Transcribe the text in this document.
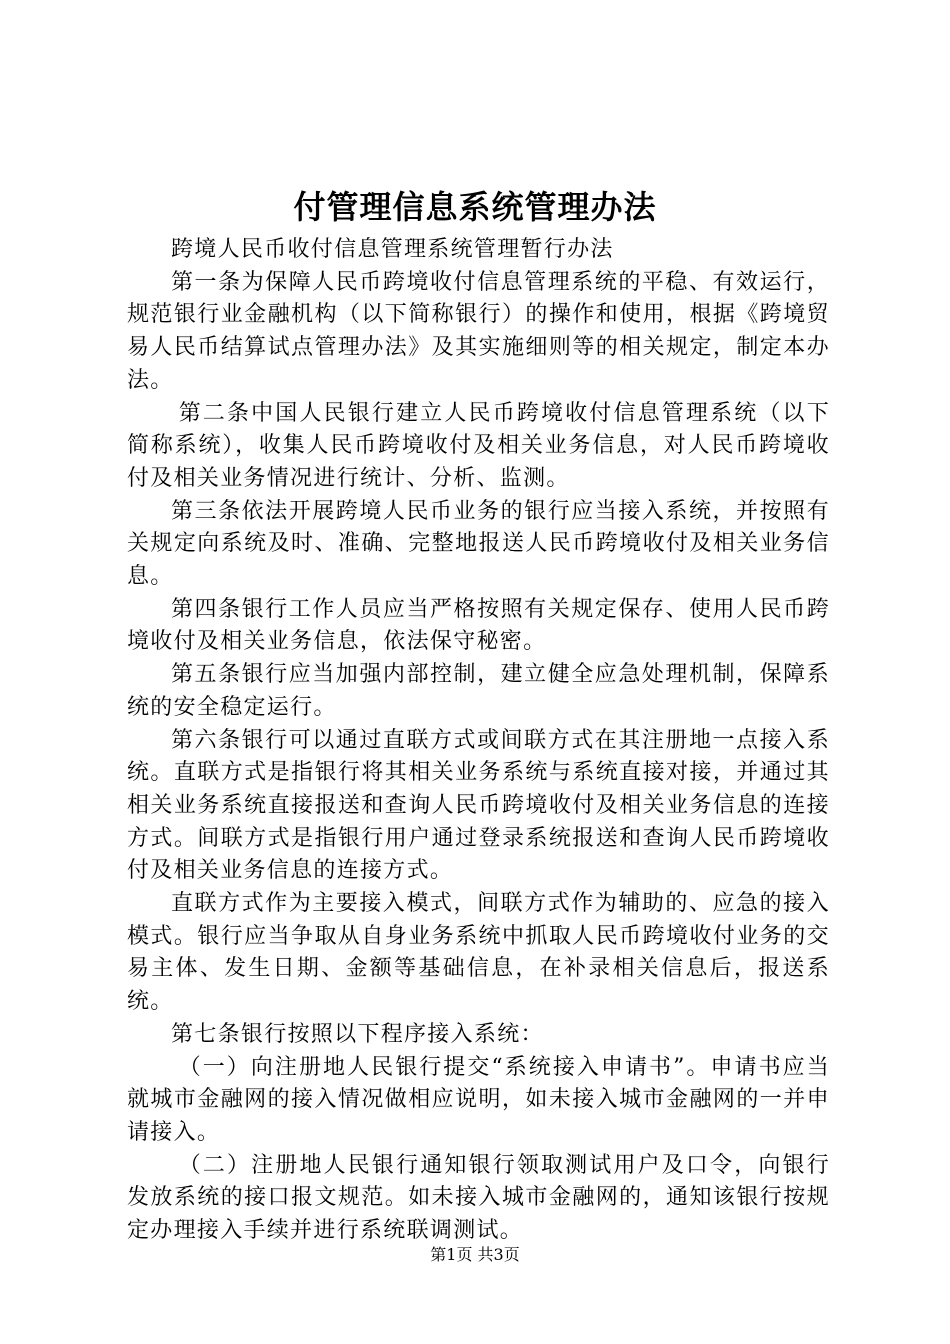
付管理信息系统管理办法

跨境人民币收付信息管理系统管理暂行办法

第一条为保障人民币跨境收付信息管理系统的平稳、有效运行，规范银行业金融机构（以下简称银行）的操作和使用，根据《跨境贸易人民币结算试点管理办法》及其实施细则等的相关规定，制定本办法。

第二条中国人民银行建立人民币跨境收付信息管理系统（以下简称系统），收集人民币跨境收付及相关业务信息，对人民币跨境收付及相关业务情况进行统计、分析、监测。

第三条依法开展跨境人民币业务的银行应当接入系统，并按照有关规定向系统及时、准确、完整地报送人民币跨境收付及相关业务信息。

第四条银行工作人员应当严格按照有关规定保存、使用人民币跨境收付及相关业务信息，依法保守秘密。

第五条银行应当加强内部控制，建立健全应急处理机制，保障系统的安全稳定运行。

第六条银行可以通过直联方式或间联方式在其注册地一点接入系统。直联方式是指银行将其相关业务系统与系统直接对接，并通过其相关业务系统直接报送和查询人民币跨境收付及相关业务信息的连接方式。间联方式是指银行用户通过登录系统报送和查询人民币跨境收付及相关业务信息的连接方式。

直联方式作为主要接入模式，间联方式作为辅助的、应急的接入模式。银行应当争取从自身业务系统中抓取人民币跨境收付业务的交易主体、发生日期、金额等基础信息，在补录相关信息后，报送系统。

第七条银行按照以下程序接入系统：

（一）向注册地人民银行提交“系统接入申请书”。申请书应当就城市金融网的接入情况做相应说明，如未接入城市金融网的一并申请接入。

（二）注册地人民银行通知银行领取测试用户及口令，向银行发放系统的接口报文规范。如未接入城市金融网的，通知该银行按规定办理接入手续并进行系统联调测试。

第1页 共3页
